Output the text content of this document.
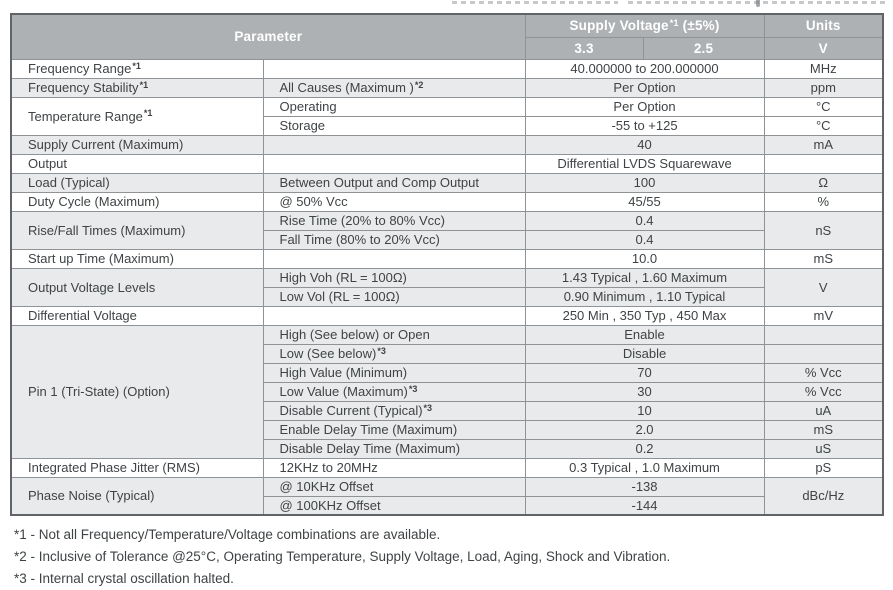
Parameter		Supply Voltage$^{*1}$ (±5%)		Units
		3.3	2.5	V
Frequency Range$^{*1}$		40.000000 to 200.000000		MHz
Frequency Stability$^{*1}$	All Causes (Maximum )$^{*2}$	Per Option		ppm
Temperature Range$^{*1}$	Operating	Per Option		°C
	Storage	-55 to +125		°C
Supply Current (Maximum)		40		mA
Output		Differential LVDS Squarewave		
Load (Typical)	Between Output and Comp Output	100		Ω
Duty Cycle (Maximum)	@ 50% Vcc	45/55		%
Rise/Fall Times (Maximum)	Rise Time (20% to 80% Vcc)	0.4		nS
	Fall Time (80% to 20% Vcc)	0.4		
Start up Time (Maximum)		10.0		mS
Output Voltage Levels	High Voh (RL = 100Ω)	1.43 Typical , 1.60 Maximum		V
	Low Vol (RL = 100Ω)	0.90 Minimum , 1.10 Typical		
Differential Voltage		250 Min , 350 Typ , 450 Max		mV
Pin 1 (Tri-State) (Option)	High (See below) or Open	Enable		
	Low (See below)$^{*3}$	Disable		
	High Value (Minimum)	70		% Vcc
	Low Value (Maximum)$^{*3}$	30		% Vcc
	Disable Current (Typical)$^{*3}$	10		uA
	Enable Delay Time (Maximum)	2.0		mS
	Disable Delay Time (Maximum)	0.2		uS
Integrated Phase Jitter (RMS)	12KHz to 20MHz	0.3 Typical , 1.0 Maximum		pS
Phase Noise (Typical)	@ 10KHz Offset	-138		dBc/Hz
	@ 100KHz Offset	-144		
*1 - Not all Frequency/Temperature/Voltage combinations are available.
*2 - Inclusive of Tolerance @25°C, Operating Temperature, Supply Voltage, Load, Aging, Shock and Vibration.
*3 - Internal crystal oscillation halted.
